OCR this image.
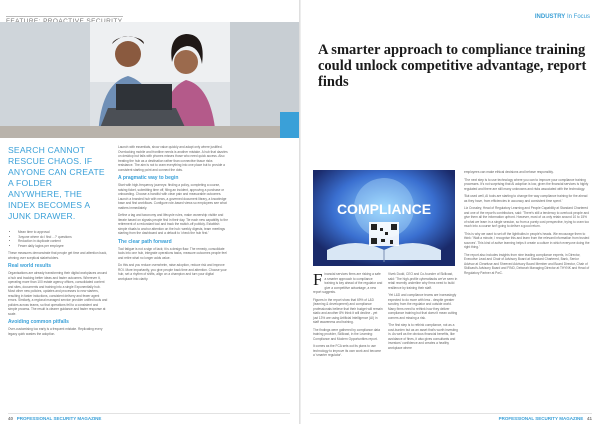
SEARCH CANNOT RESCUE CHAOS. IF ANYONE CAN CREATE A FOLDER ANYWHERE, THE INDEX BECOMES A JUNK DRAWER.
• Mean time to approval
• 'Anyone where do I find ...?' questions
• Reduction in duplicate content
• Fewer daily logins per employee

These measures demonstrate that people get time and attention back, winning over sceptical stakeholders.

Real world results

Organisations are already transforming their digital workplaces around a hub and tracking better ideas and faster outcomes. Wherever it, operating more than 100 estate agency offices, consolidated content and sites, documents and training into a single Exponentially hub. Most other new policies, updates and processes to new starters, resulting in faster inductions, consistent delivery and fewer agent errors. Similarly, a regional managed service provider unified tools and policies across teams, so that operations fell to a consistent and simple process. The result is clearer guidance and faster response at scale.

Avoiding common pitfalls

Over-customising too early is a frequent mistake. Replicating every legacy quirk wastes the adoption.

Launch with essentials, show value quickly and adapt only where justified. Overlooking mobile and frontline needs is another mistake. A hub that dazzles on desktop but fails with phones misses those who need quick access. Also treating the hub as a destination rather than connective tissue risks resistance. The aim is not to cram everything into one place but to provide a consistent starting point and connect the dots.

A pragmatic way to begin

Start with high-frequency journeys: finding a policy, completing a course, raising ticket, submitting time off, filing an incident, approving a purchase or onboarding. Choose a handful with clear pain and measurable outcomes. Launch a branded hub with news, a governed document library, a knowledge base and first workflows. Configure role-based views so employees see what matters immediately.

Define a tag and taxonomy and lifecycle rules, make ownership visible and iterate based on signals people find in their day. Tie each new capability to the retirement of a redundant tool and track the switch-off publicly. Establish simple rituals to anchor attention on the hub: weekly digests, team meetings starting from the dashboard and a default to 'check the hub first.'

The clear path forward

Tool fatigue is not a sign of lack; it is a design flaw. The remedy, consolidate tools into one hub, integrate operations tasks, measure outcomes people feel and retire what no longer adds value.

Do this and you reduce overwhelm, raise adoption, reduce risk and improve ROI. More importantly, you give people back time and attention. Choose your hub, set a rhythm of shifts, align on a champion and turn your digital workplace into clarity.

40 PROFESSIONAL SECURITY MAGAZINE
INDUSTRY In Focus
A smarter approach to compliance training could unlock competitive advantage, report finds
COMPLIANCE

Financial services firms are risking a safe a smarter approach to compliance training is key ahead of the regulator and give a competitive advantage, a new report suggests.

Figures in the report show that 69% of L&D (learning & development) and compliance professionals believe that their budget will remain static and another 8% think it will decline - yet just 13% are using Artificial Intelligence (AI) in staff awareness and training.

The findings were gathered by compliance data training provider, Skillcast, in the Learning: Compliance and Modern Opportunities report.

It comes as the FCA sets out its plans to use technology to improve its own work and become a 'smarter regulator'.

Vivek Dodd, CEO and Co-founder of Skillcast, said: 'The high-profile cyberattacks we've seen in retail recently underline why firms need to build resilience by training their staff.

'Yet L&D and compliance teams are increasingly expected to do more with less - despite greater scrutiny from the regulator and outside world. Many firms need to rethink how they deliver compliance training but that doesn't mean cutting corners and missing a risk.

'The first step is to rethink compliance, not as a cost-burden but as an asset that's worth investing in. As well as the obvious financial benefits, like avoidance of fines, it also gives consultants and investors' confidence and creates a healthy workplace where

employees can make ethical decisions and behave responsibly.

'The next step is to use technology where you can to improve your compliance training processes. It's not surprising that AI adoption is low, given the financial services is highly regulated and there are still many unknowns and risks associated with the technology.

'But used well, AI tools are starting to change the way compliance training for the ahead as they have, from efficiencies in accuracy and consistent time spent.'

Liz Crossley, Head of Regulatory Learning and People Capability at Standard Chartered and one of the report's contributors, said: 'There's still a tendency to overlook people and give them all the information upfront. However, most of us only retain around 10 to 15% of what we learn in a single session, so from a purely cost perspective, trying to cram too much into a course isn't going to deliver a good return.

'This is why we want to set off the lightbulbs in people's heads. We encourage them to think: 'Wait a minute, I recognise this and learn from the relevant information from trusted sources'. This kind of active learning helps it create a culture in which everyone doing the right thing.'

The report also includes insights from nine leading compliance experts, in Director, Executive Lead and Chair of Advisory Board at Standard Chartered, Bank, Senior Advisor at Clearfuse and Sheeved Advisory Board Member and Board Director, Chair of Skillcast's Advisory Board and FIND, Deborah Managing Director at THYNK and Head of Regulatory Partner at PwC.

PROFESSIONAL SECURITY MAGAZINE 41
